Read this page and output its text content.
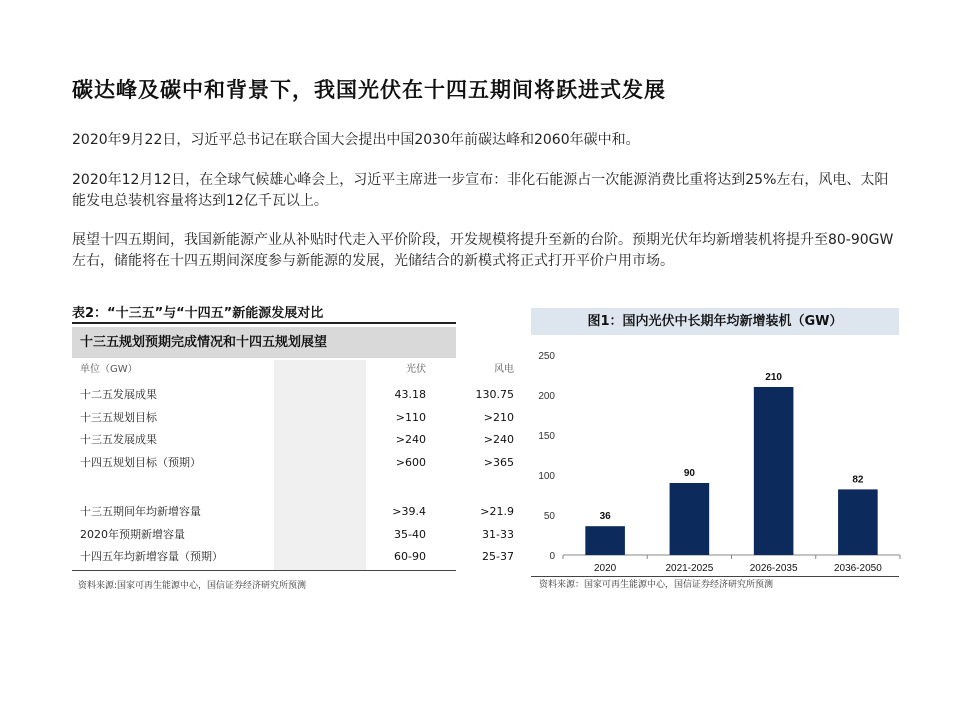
碳达峰及碳中和背景下，我国光伏在十四五期间将跃进式发展
2020年9月22日，习近平总书记在联合国大会提出中国2030年前碳达峰和2060年碳中和。
2020年12月12日，在全球气候雄心峰会上，习近平主席进一步宣布：非化石能源占一次能源消费比重将达到25%左右，风电、太阳能发电总装机容量将达到12亿千瓦以上。
展望十四五期间，我国新能源产业从补贴时代走入平价阶段，开发规模将提升至新的台阶。预期光伏年均新增装机将提升至80-90GW左右，储能将在十四五期间深度参与新能源的发展，光储结合的新模式将正式打开平价户用市场。
表2：“十三五”与“十四五”新能源发展对比
十三五规划预期完成情况和十四五规划展望
单位（GW）	光伏	风电
十二五发展成果	43.18	130.75
十三五规划目标	>110	>210
十三五发展成果	>240	>240
十四五规划目标（预期）	>600	>365
十三五期间年均新增容量	>39.4	>21.9
2020年预期新增容量	35-40	31-33
十四五年均新增容量（预期）	60-90	25-37
资料来源:国家可再生能源中心，国信证券经济研究所预测
图1：国内光伏中长期年均新增装机（GW）
0
50
100
150
200
250
36
2020
90
2021-2025
210
2026-2035
82
2036-2050
资料来源：国家可再生能源中心，国信证券经济研究所预测
